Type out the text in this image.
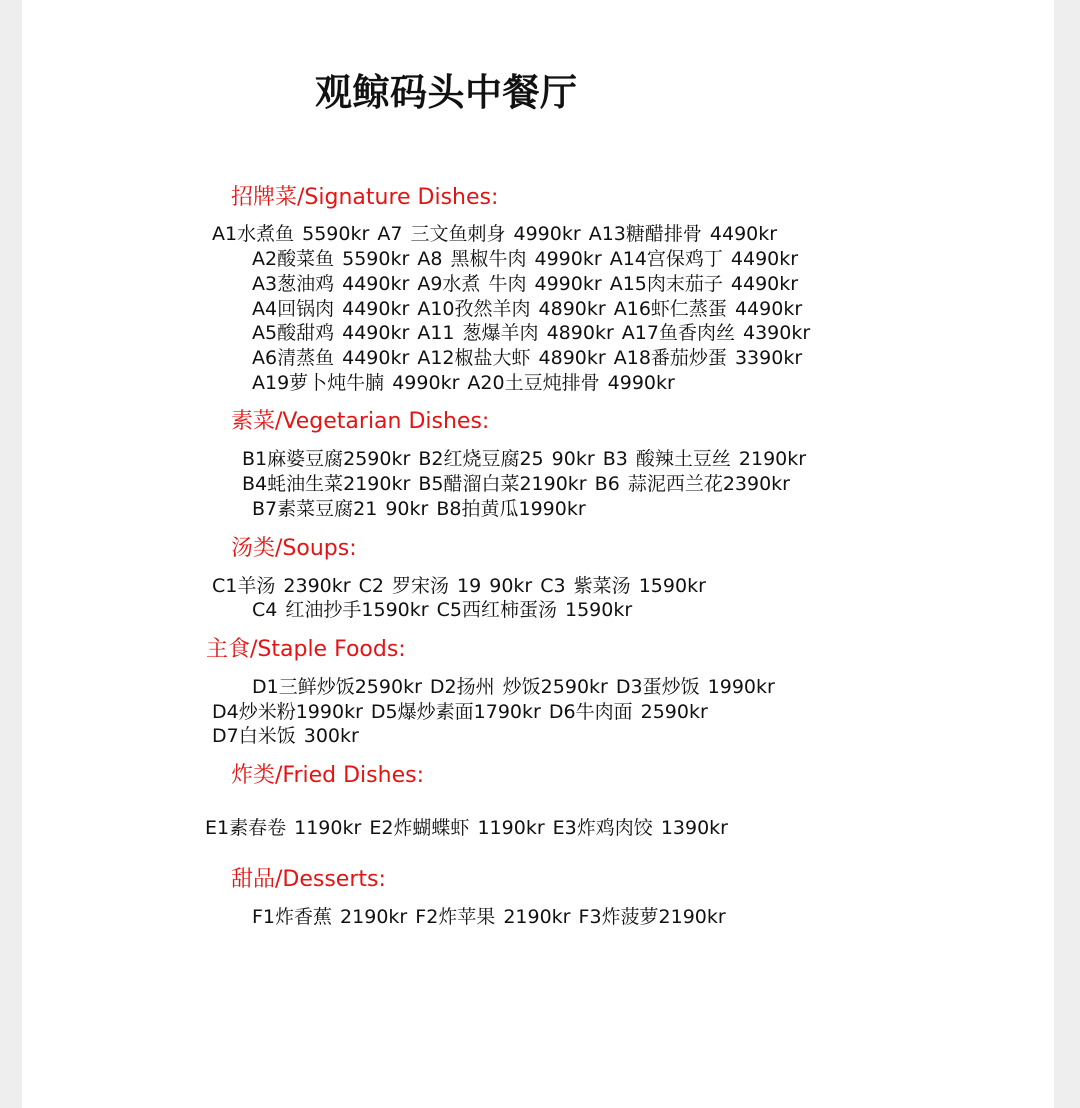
观鲸码头中餐厅
招牌菜/Signature Dishes:
A1水煮鱼 5590kr A7 三文鱼刺身 4990kr A13糖醋排骨 4490kr
A2酸菜鱼 5590kr A8 黑椒牛肉 4990kr A14宫保鸡丁 4490kr
A3葱油鸡 4490kr A9水煮 牛肉 4990kr A15肉末茄子 4490kr
A4回锅肉 4490kr A10孜然羊肉 4890kr A16虾仁蒸蛋 4490kr
A5酸甜鸡 4490kr A11 葱爆羊肉 4890kr A17鱼香肉丝 4390kr
A6清蒸鱼 4490kr A12椒盐大虾 4890kr A18番茄炒蛋 3390kr
A19萝卜炖牛腩 4990kr A20土豆炖排骨 4990kr
素菜/Vegetarian Dishes:
B1麻婆豆腐2590kr B2红烧豆腐25 90kr B3 酸辣土豆丝 2190kr
B4蚝油生菜2190kr B5醋溜白菜2190kr B6 蒜泥西兰花2390kr
B7素菜豆腐21 90kr B8拍黄瓜1990kr
汤类/Soups:
C1羊汤 2390kr C2 罗宋汤 19 90kr C3 紫菜汤 1590kr
C4 红油抄手1590kr C5西红柿蛋汤 1590kr
主食/Staple Foods:
D1三鲜炒饭2590kr D2扬州 炒饭2590kr D3蛋炒饭 1990kr
D4炒米粉1990kr D5爆炒素面1790kr D6牛肉面 2590kr
D7白米饭 300kr
炸类/Fried Dishes:
E1素春卷 1190kr E2炸蝴蝶虾 1190kr E3炸鸡肉饺 1390kr
甜品/Desserts:
F1炸香蕉 2190kr F2炸苹果 2190kr F3炸菠萝2190kr
